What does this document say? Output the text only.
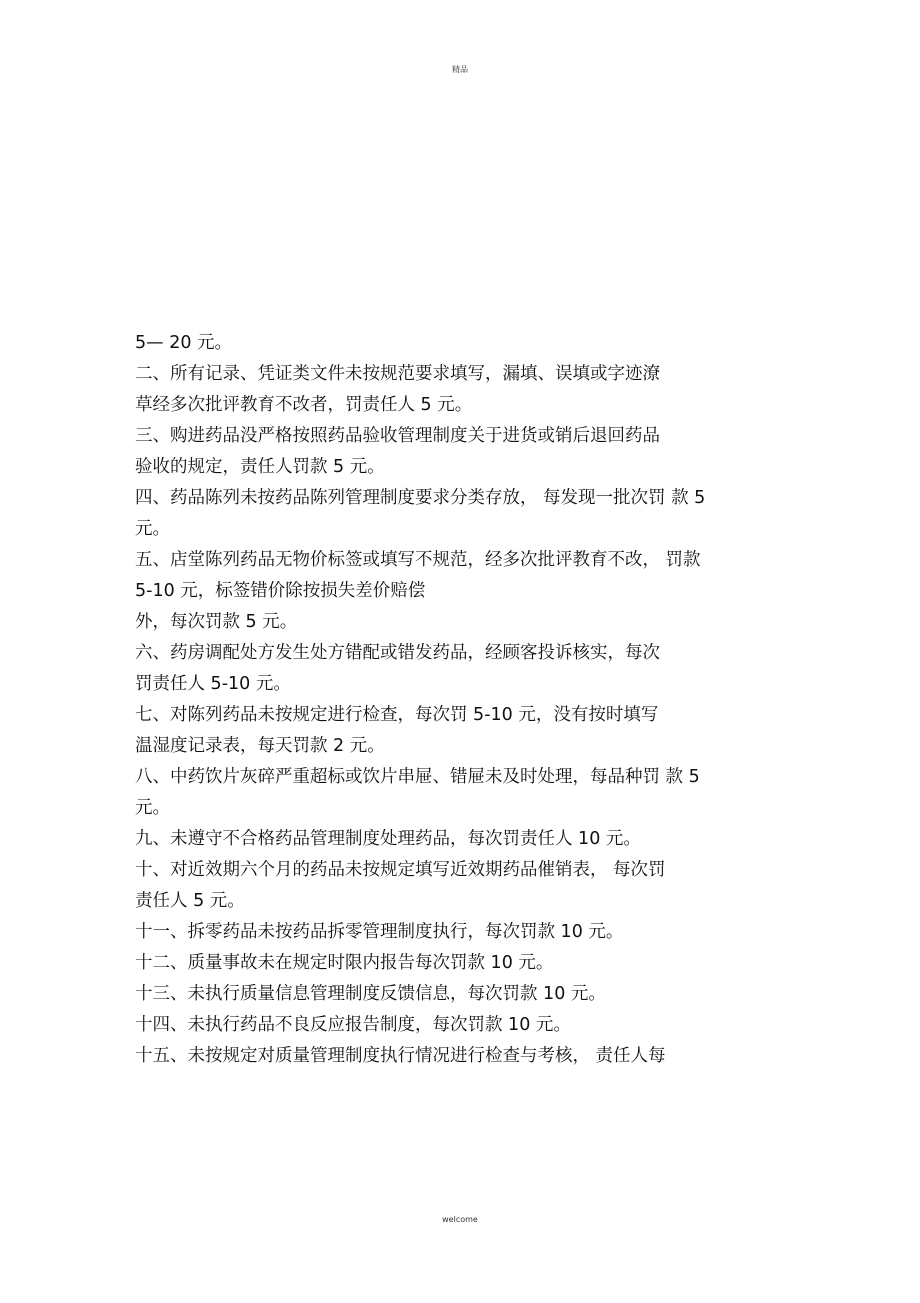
精品
5— 20 元。
二、所有记录、凭证类文件未按规范要求填写，漏填、误填或字迹潦
草经多次批评教育不改者，罚责任人 5 元。
三、购进药品没严格按照药品验收管理制度关于进货或销后退回药品
验收的规定，责任人罚款 5 元。
四、药品陈列未按药品陈列管理制度要求分类存放， 每发现一批次罚 款 5
元。
五、店堂陈列药品无物价标签或填写不规范，经多次批评教育不改， 罚款
5-10 元，标签错价除按损失差价赔偿
外，每次罚款 5 元。
六、药房调配处方发生处方错配或错发药品，经顾客投诉核实，每次
罚责任人 5-10 元。
七、对陈列药品未按规定进行检查，每次罚 5-10 元，没有按时填写
温湿度记录表，每天罚款 2 元。
八、中药饮片灰碎严重超标或饮片串屉、错屉未及时处理，每品种罚 款 5
元。
九、未遵守不合格药品管理制度处理药品，每次罚责任人 10 元。
十、对近效期六个月的药品未按规定填写近效期药品催销表， 每次罚
责任人 5 元。
十一、拆零药品未按药品拆零管理制度执行，每次罚款 10 元。
十二、质量事故未在规定时限内报告每次罚款 10 元。
十三、未执行质量信息管理制度反馈信息，每次罚款 10 元。
十四、未执行药品不良反应报告制度，每次罚款 10 元。
十五、未按规定对质量管理制度执行情况进行检查与考核， 责任人每
welcome
